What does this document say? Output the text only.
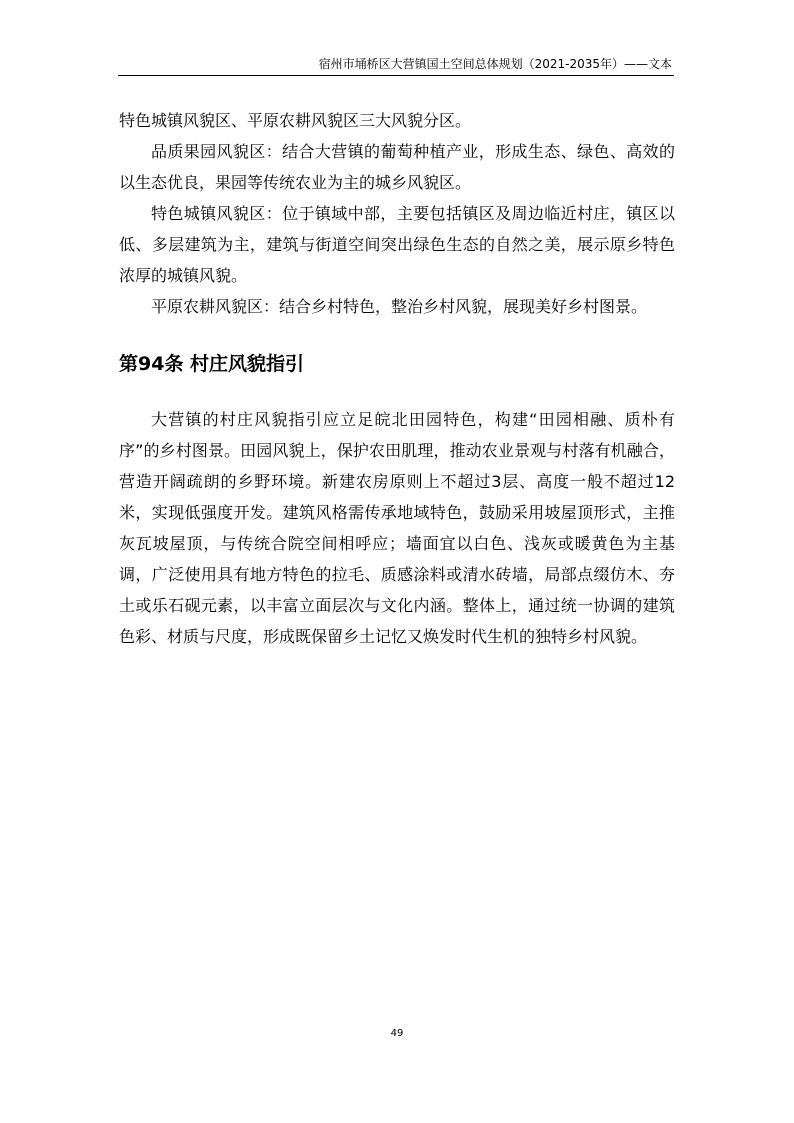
宿州市埇桥区大营镇国土空间总体规划（2021-2035年）——文本

特色城镇风貌区、平原农耕风貌区三大风貌分区。

品质果园风貌区：结合大营镇的葡萄种植产业，形成生态、绿色、高效的以生态优良，果园等传统农业为主的城乡风貌区。

特色城镇风貌区：位于镇域中部，主要包括镇区及周边临近村庄，镇区以低、多层建筑为主，建筑与街道空间突出绿色生态的自然之美，展示原乡特色浓厚的城镇风貌。

平原农耕风貌区：结合乡村特色，整治乡村风貌，展现美好乡村图景。

第94条 村庄风貌指引

大营镇的村庄风貌指引应立足皖北田园特色，构建“田园相融、质朴有序”的乡村图景。田园风貌上，保护农田肌理，推动农业景观与村落有机融合，营造开阔疏朗的乡野环境。新建农房原则上不超过3层、高度一般不超过12米，实现低强度开发。建筑风格需传承地域特色，鼓励采用坡屋顶形式，主推灰瓦坡屋顶，与传统合院空间相呼应；墙面宜以白色、浅灰或暖黄色为主基调，广泛使用具有地方特色的拉毛、质感涂料或清水砖墙，局部点缀仿木、夯土或乐石砚元素，以丰富立面层次与文化内涵。整体上，通过统一协调的建筑色彩、材质与尺度，形成既保留乡土记忆又焕发时代生机的独特乡村风貌。

49
